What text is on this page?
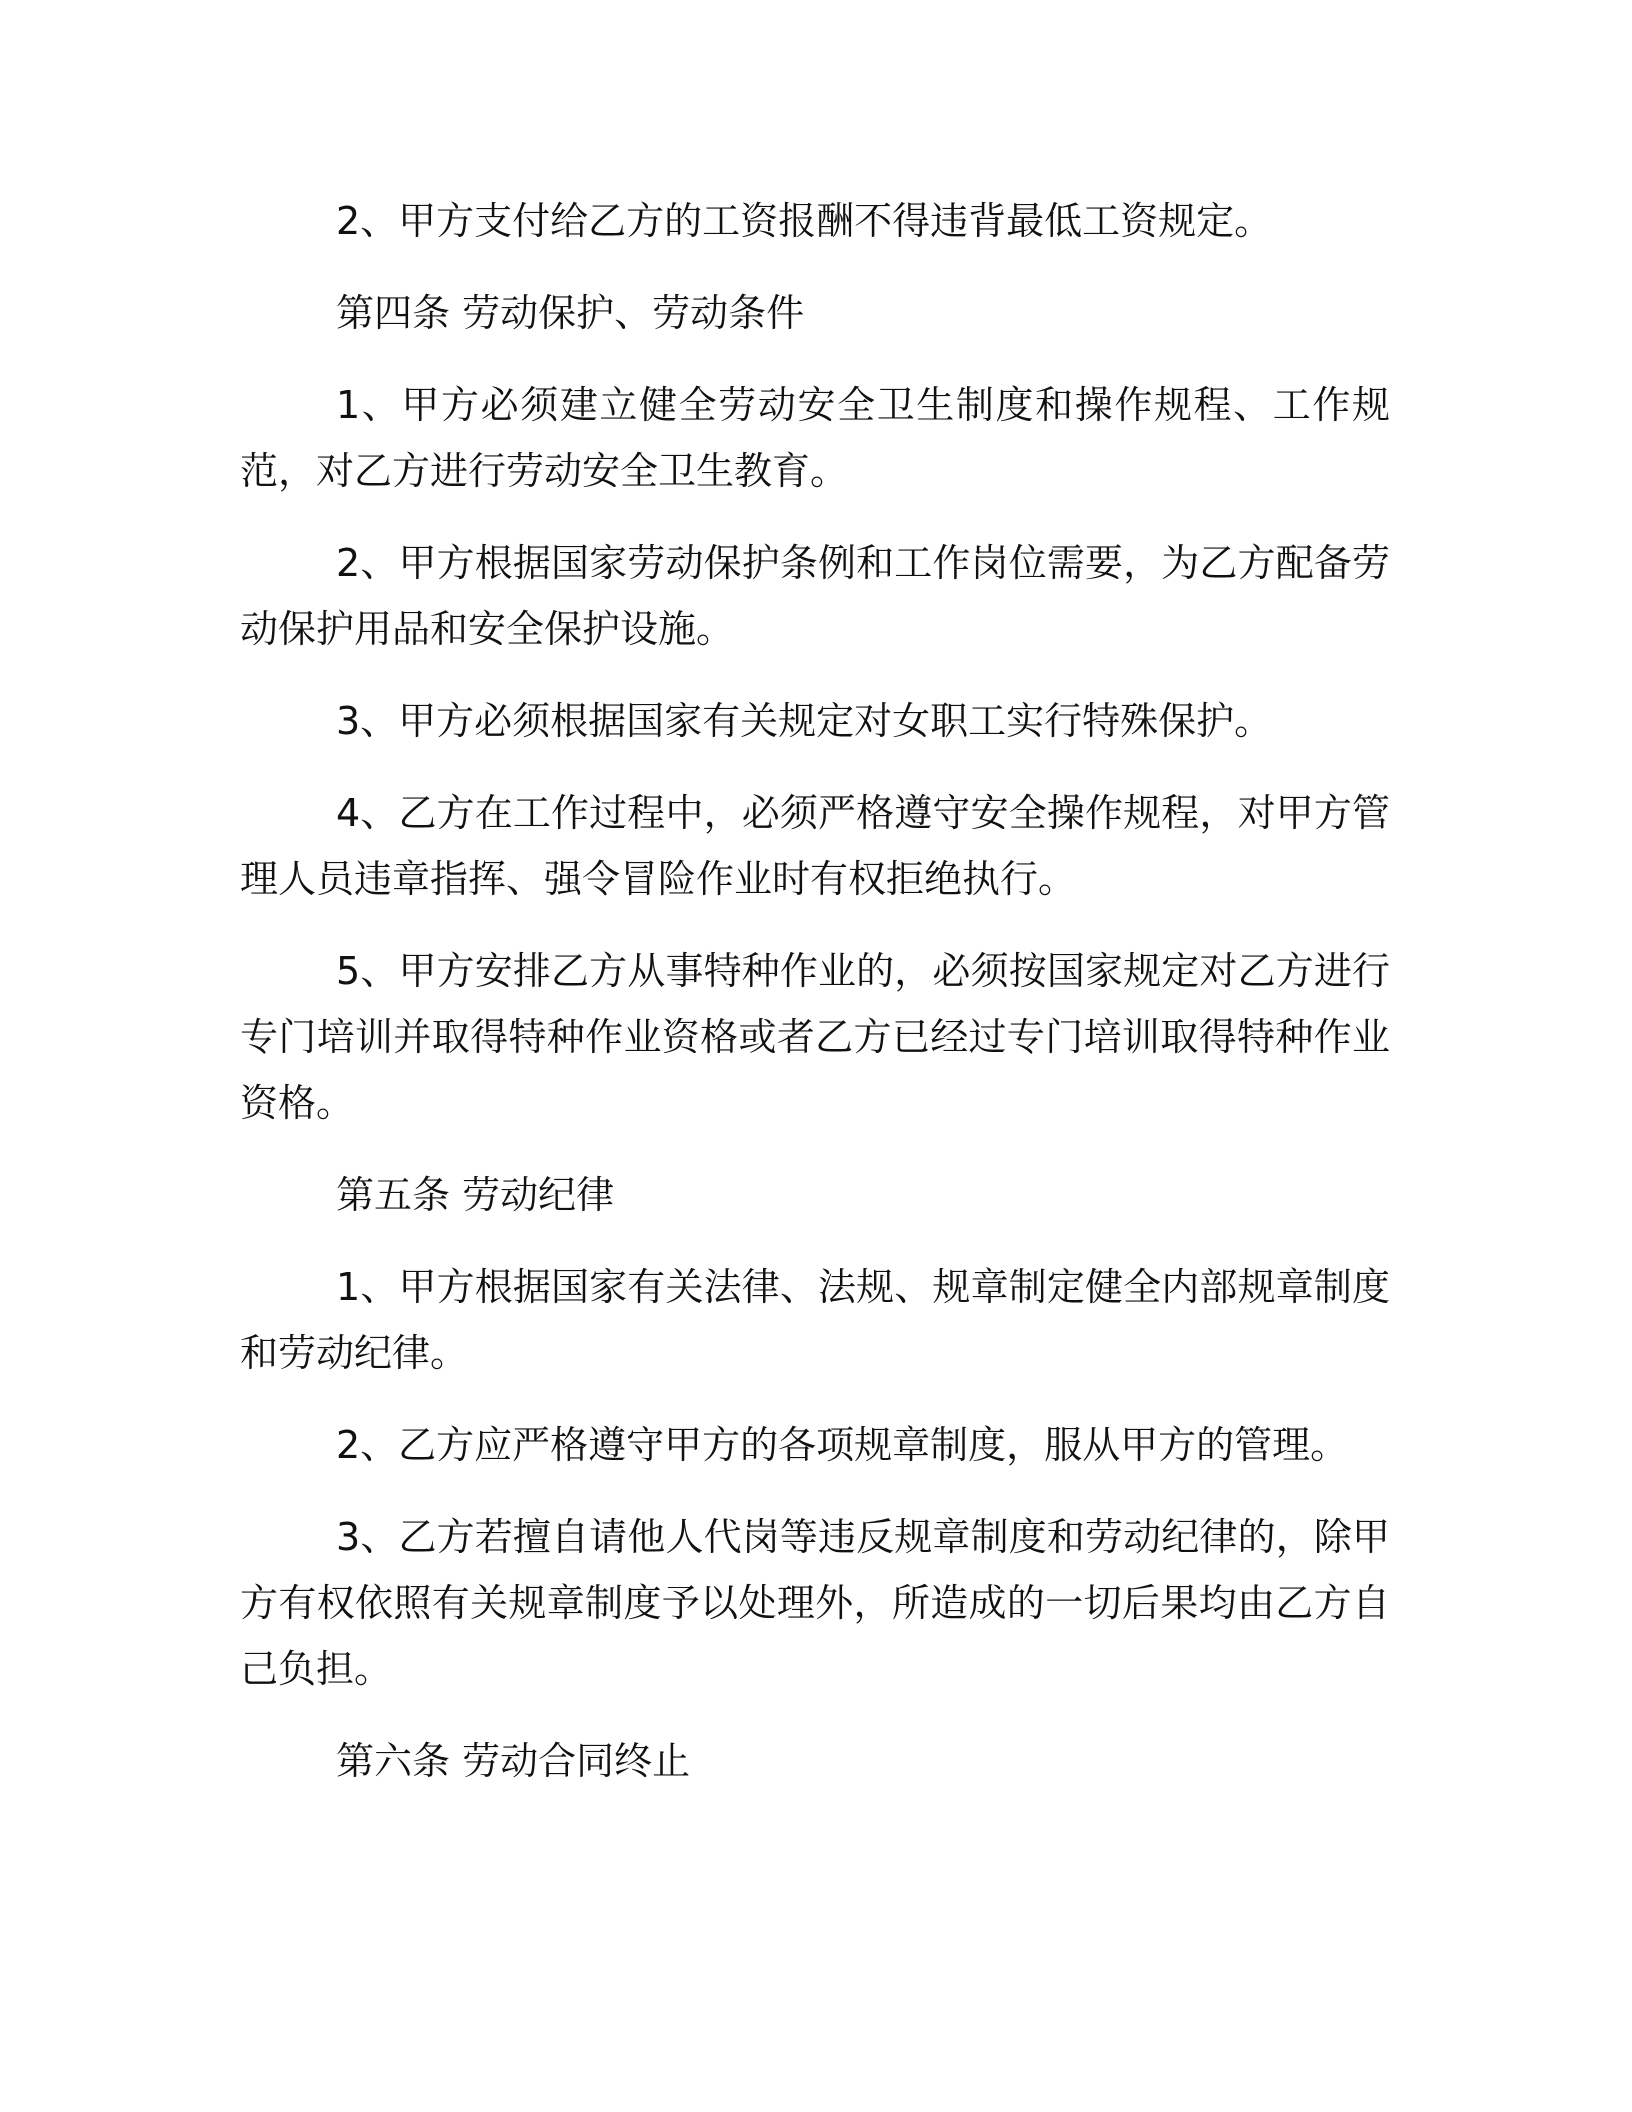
2、甲方支付给乙方的工资报酬不得违背最低工资规定。

第四条 劳动保护、劳动条件

1、甲方必须建立健全劳动安全卫生制度和操作规程、工作规范，对乙方进行劳动安全卫生教育。

2、甲方根据国家劳动保护条例和工作岗位需要，为乙方配备劳动保护用品和安全保护设施。

3、甲方必须根据国家有关规定对女职工实行特殊保护。

4、乙方在工作过程中，必须严格遵守安全操作规程，对甲方管理人员违章指挥、强令冒险作业时有权拒绝执行。

5、甲方安排乙方从事特种作业的，必须按国家规定对乙方进行专门培训并取得特种作业资格或者乙方已经过专门培训取得特种作业资格。

第五条 劳动纪律

1、甲方根据国家有关法律、法规、规章制定健全内部规章制度和劳动纪律。

2、乙方应严格遵守甲方的各项规章制度，服从甲方的管理。

3、乙方若擅自请他人代岗等违反规章制度和劳动纪律的，除甲方有权依照有关规章制度予以处理外，所造成的一切后果均由乙方自己负担。

第六条 劳动合同终止
